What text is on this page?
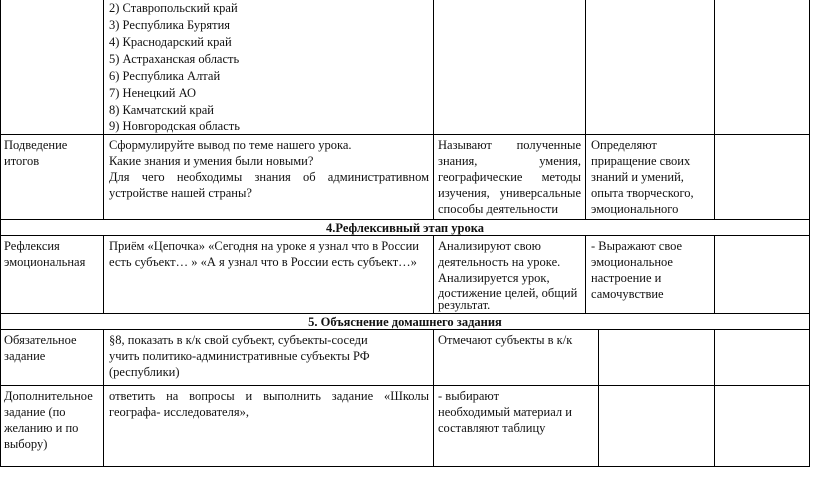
2) Ставропольский край
3) Республика Бурятия
4) Краснодарский край
5) Астраханская область
6) Республика Алтай
7) Ненецкий АО
8) Камчатский край
9) Новгородская область
Подведение
итогов
Сформулируйте вывод по теме нашего урока.
Какие знания и умения были новыми?
Для чего необходимы знания об административном
устройстве нашей страны?
Называют полученные
знания, умения,
географические методы
изучения, универсальные
способы деятельности
Определяют
приращение своих
знаний и умений,
опыта творческого,
эмоционального
4.Рефлексивный этап урока
Рефлексия
эмоциональная
Приём «Цепочка» «Сегодня на уроке я узнал что в России
есть субъект… » «А я узнал что в России есть субъект…»
Анализируют свою
деятельность на уроке.
Анализируется урок,
достижение целей, общий
результат.
- Выражают свое
эмоциональное
настроение и
самочувствие
5. Объяснение домашнего задания
Обязательное
задание
§8, показать в к/к свой субъект, субъекты-соседи
учить политико-административные субъекты РФ
(республики)
Отмечают субъекты в к/к
Дополнительное
задание (по
желанию и по
выбору)
ответить на вопросы и выполнить задание «Школы
географа- исследователя»,
- выбирают
необходимый материал и
составляют таблицу
